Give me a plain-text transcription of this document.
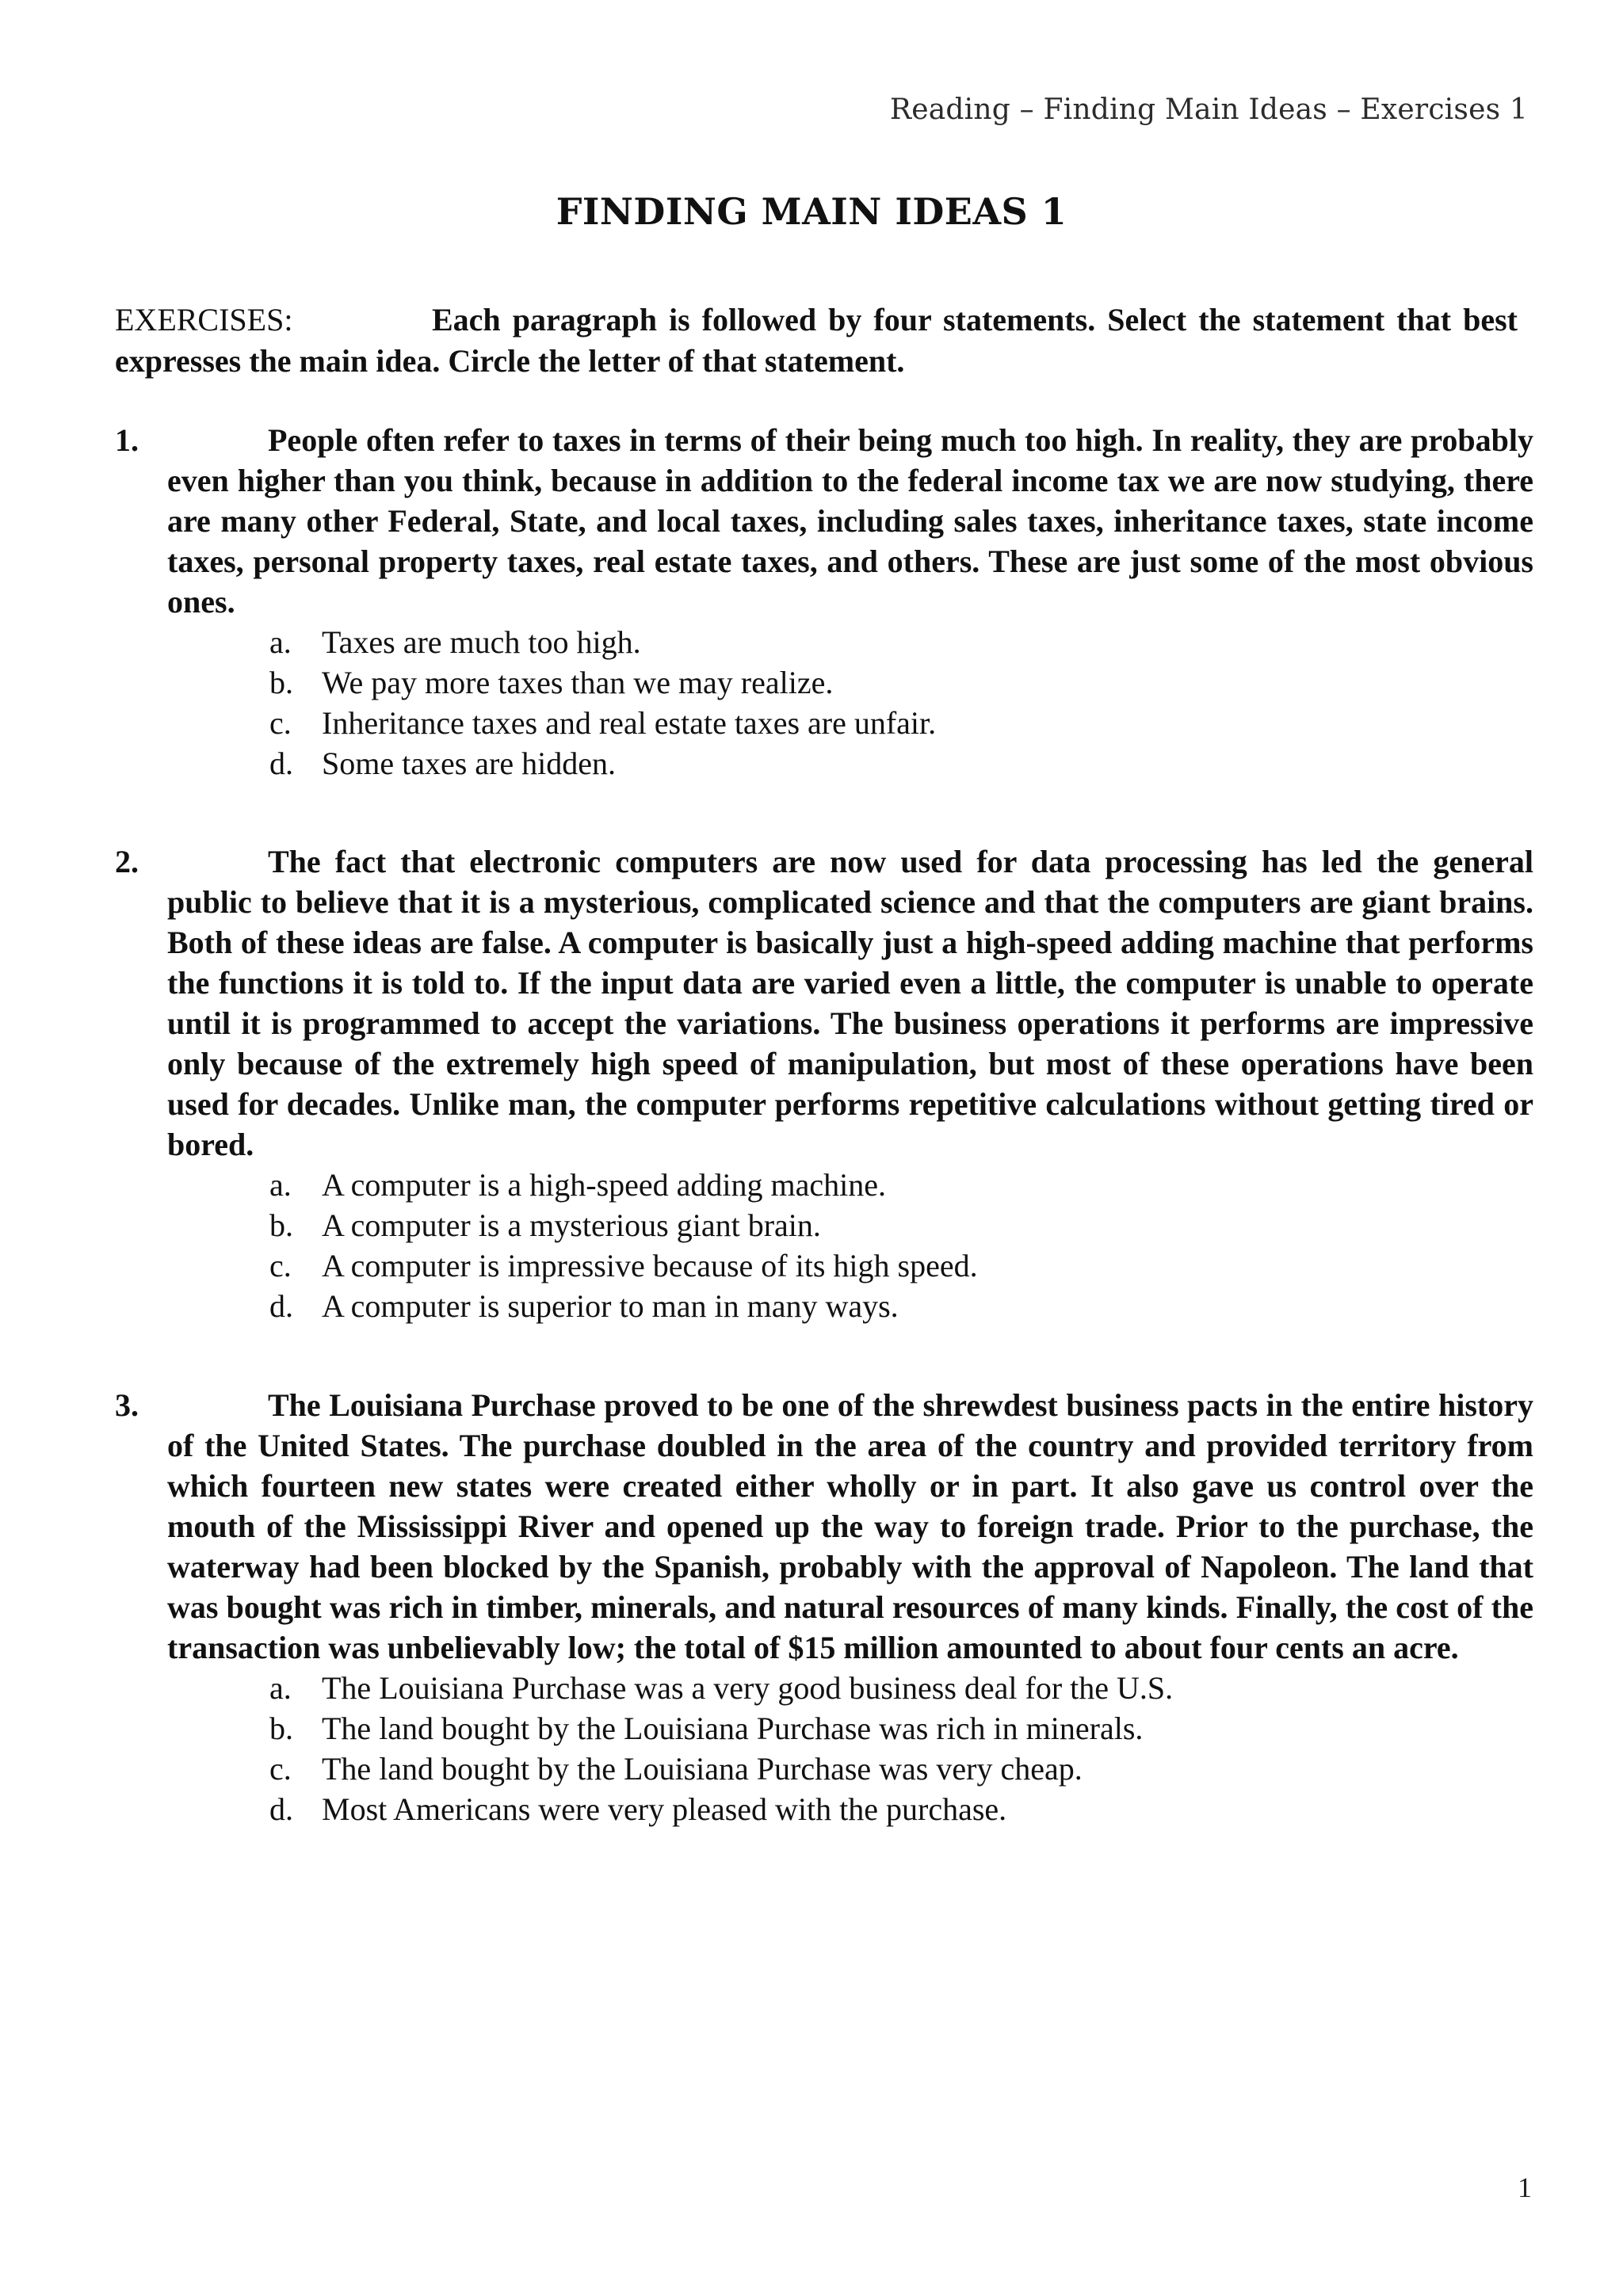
Reading – Finding Main Ideas – Exercises 1
FINDING MAIN IDEAS 1
EXERCISES:	Each paragraph is followed by four statements. Select the statement that best expresses the main idea. Circle the letter of that statement.
1.	People often refer to taxes in terms of their being much too high. In reality, they are probably even higher than you think, because in addition to the federal income tax we are now studying, there are many other Federal, State, and local taxes, including sales taxes, inheritance taxes, state income taxes, personal property taxes, real estate taxes, and others. These are just some of the most obvious ones.
a. Taxes are much too high.
b. We pay more taxes than we may realize.
c. Inheritance taxes and real estate taxes are unfair.
d. Some taxes are hidden.
2.	The fact that electronic computers are now used for data processing has led the general public to believe that it is a mysterious, complicated science and that the computers are giant brains. Both of these ideas are false. A computer is basically just a high-speed adding machine that performs the functions it is told to. If the input data are varied even a little, the computer is unable to operate until it is programmed to accept the variations. The business operations it performs are impressive only because of the extremely high speed of manipulation, but most of these operations have been used for decades. Unlike man, the computer performs repetitive calculations without getting tired or bored.
a. A computer is a high-speed adding machine.
b. A computer is a mysterious giant brain.
c. A computer is impressive because of its high speed.
d. A computer is superior to man in many ways.
3.	The Louisiana Purchase proved to be one of the shrewdest business pacts in the entire history of the United States. The purchase doubled in the area of the country and provided territory from which fourteen new states were created either wholly or in part. It also gave us control over the mouth of the Mississippi River and opened up the way to foreign trade. Prior to the purchase, the waterway had been blocked by the Spanish, probably with the approval of Napoleon. The land that was bought was rich in timber, minerals, and natural resources of many kinds. Finally, the cost of the transaction was unbelievably low; the total of $15 million amounted to about four cents an acre.
a. The Louisiana Purchase was a very good business deal for the U.S.
b. The land bought by the Louisiana Purchase was rich in minerals.
c. The land bought by the Louisiana Purchase was very cheap.
d. Most Americans were very pleased with the purchase.
1
